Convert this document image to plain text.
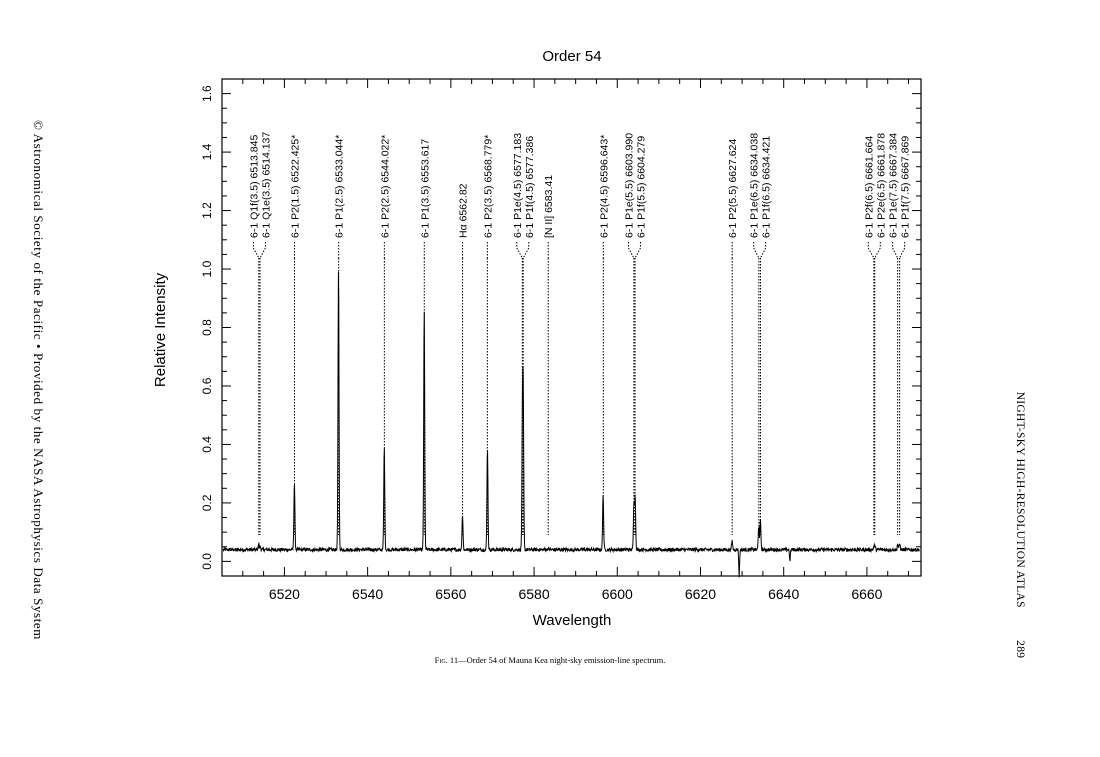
Order 54
6520	6540	6560	6580	6600	6620	6640	6660
0.0
0.2
0.4
0.6
0.8
1.0
1.2
1.4
1.6
6-1 Q1f(3.5) 6513.845 6-1 Q1e(3.5) 6514.137 6-1 P2(1.5) 6522.425*	6-1 P1(2.5) 6533.044*	6-1 P2(2.5) 6544.022*	6-1 P1(3.5) 6553.617	Hα 6562.82 6-1 P2(3.5) 6568.779* 6-1 P1e(4.5) 6577.183 6-1 P1f(4.5) 6577.386 [N II] 6583.41	6-1 P2(4.5) 6596.643* 6-1 P1e(5.5) 6603.990 6-1 P1f(5.5) 6604.279	6-1 P2(5.5) 6627.624 6-1 P1e(6.5) 6634.038 6-1 P1f(6.5) 6634.421	6-1 P2f(6.5) 6661.664 6-1 P2e(6.5) 6661.878 6-1 P1e(7.5) 6667.384 6-1 P1f(7.5) 6667.869
Wavelength
Relative Intensity
© Astronomical Society of the Pacific • Provided by the NASA Astrophysics Data System	NIGHT-SKY HIGH-RESOLUTION ATLAS  289
Fig. 11—Order 54 of Mauna Kea night-sky emission-line spectrum.
